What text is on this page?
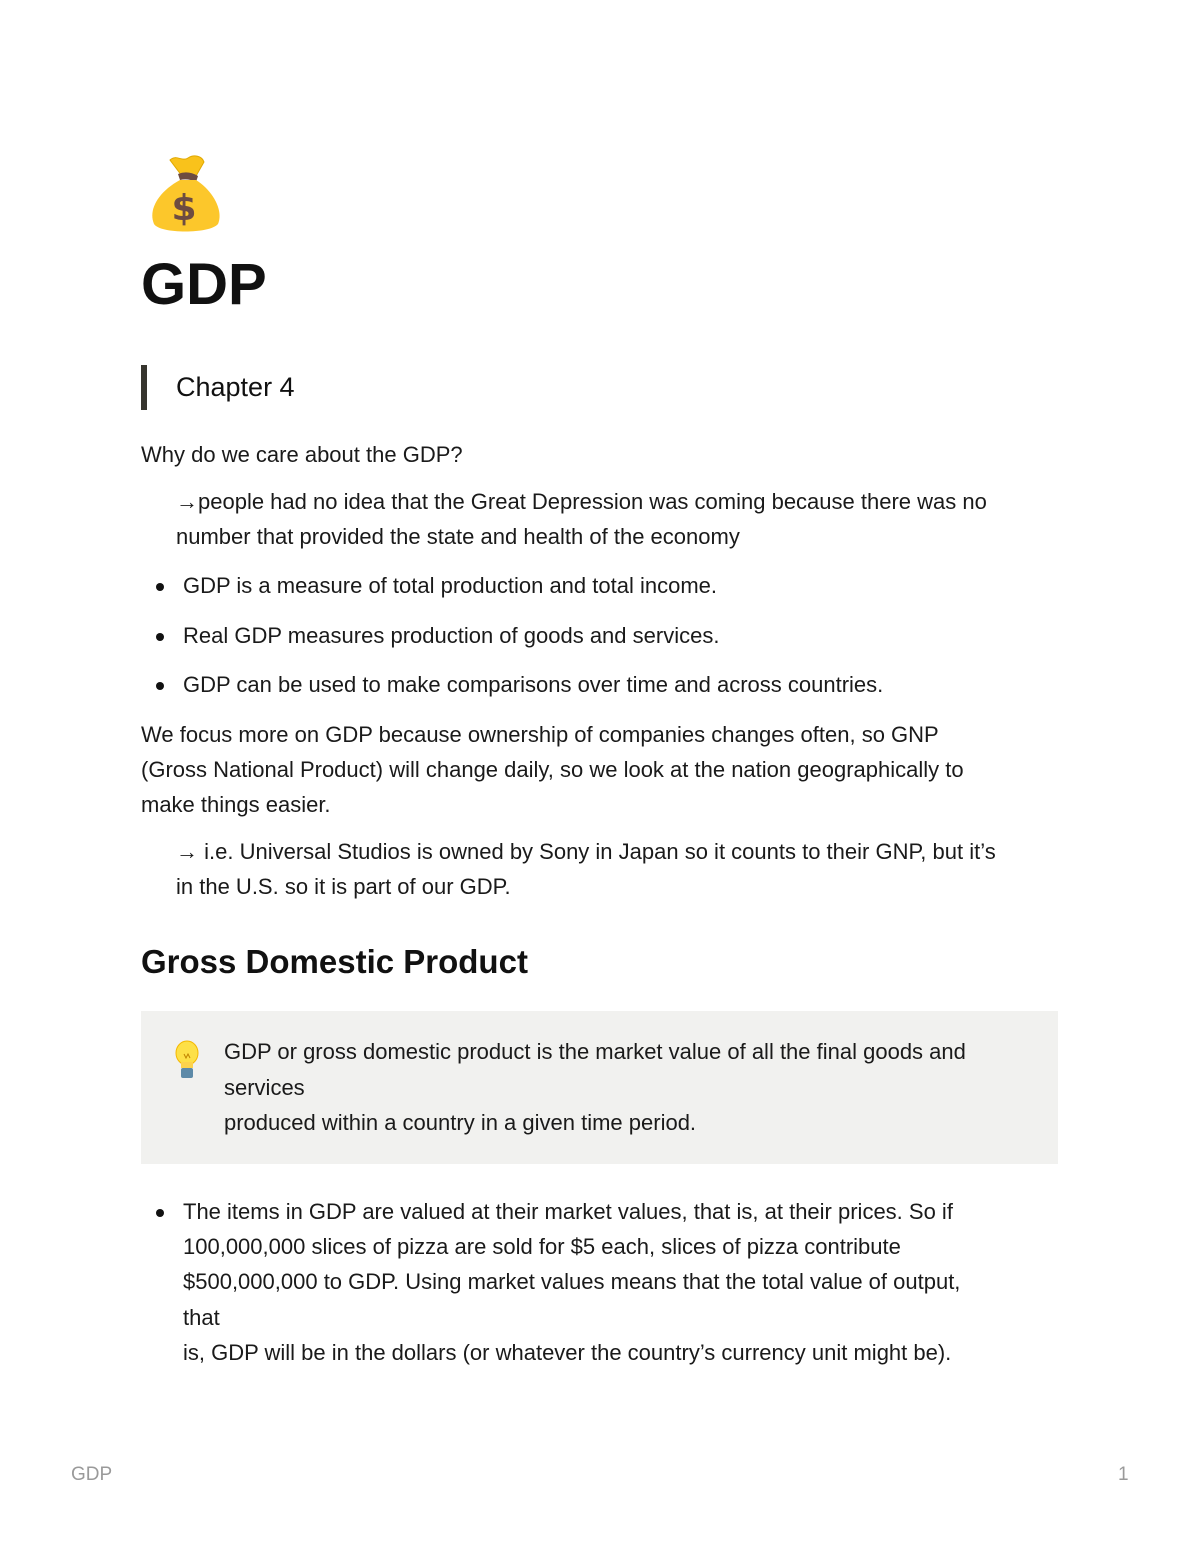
$
GDP
Chapter 4
Why do we care about the GDP?
→people had no idea that the Great Depression was coming because there was no
number that provided the state and health of the economy
GDP is a measure of total production and total income.
Real GDP measures production of goods and services.
GDP can be used to make comparisons over time and across countries.
We focus more on GDP because ownership of companies changes often, so GNP
(Gross National Product) will change daily, so we look at the nation geographically to
make things easier.
→ i.e. Universal Studios is owned by Sony in Japan so it counts to their GNP, but it’s
in the U.S. so it is part of our GDP.
Gross Domestic Product
GDP or gross domestic product is the market value of all the final goods and
services
produced within a country in a given time period.
The items in GDP are valued at their market values, that is, at their prices. So if
100,000,000 slices of pizza are sold for $5 each, slices of pizza contribute
$500,000,000 to GDP. Using market values means that the total value of output,
that
is, GDP will be in the dollars (or whatever the country’s currency unit might be).
GDP	1
